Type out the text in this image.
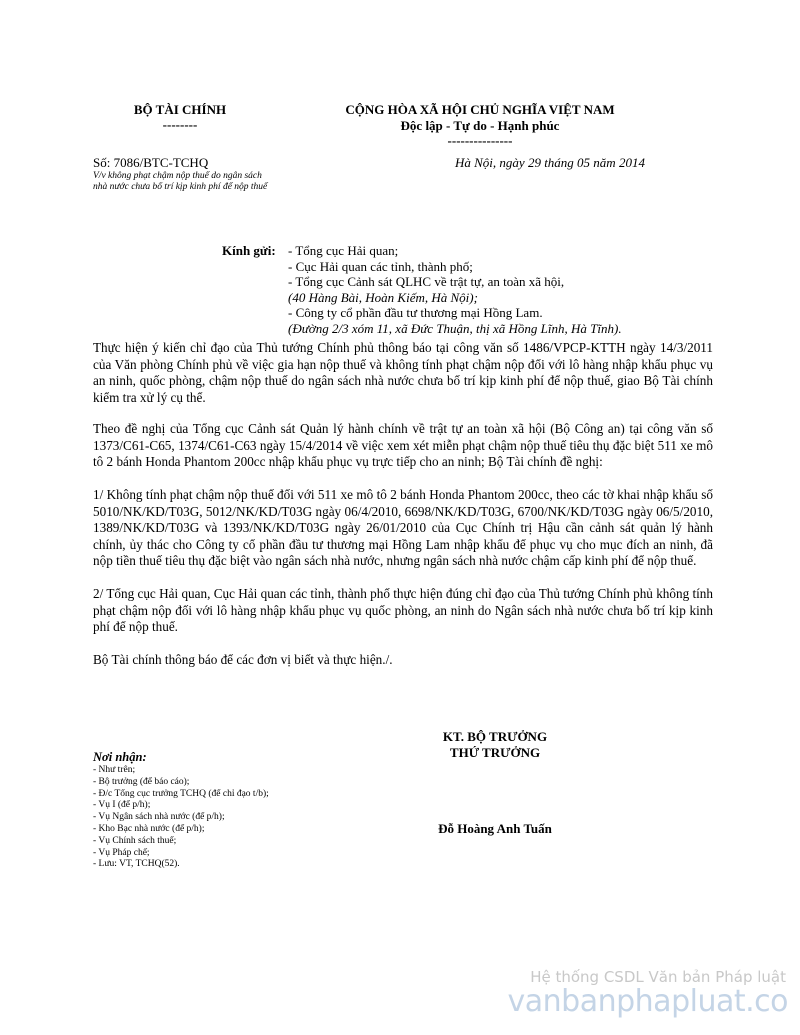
BỘ TÀI CHÍNH
--------
CỘNG HÒA XÃ HỘI CHỦ NGHĨA VIỆT NAM
Độc lập - Tự do - Hạnh phúc
---------------
Số: 7086/BTC-TCHQ
V/v không phạt chậm nộp thuế do ngân sách
nhà nước chưa bố trí kịp kinh phí để nộp thuế
Hà Nội, ngày 29 tháng 05 năm 2014
Kính gửi: - Tổng cục Hải quan;
- Cục Hải quan các tỉnh, thành phố;
- Tổng cục Cảnh sát QLHC về trật tự, an toàn xã hội,
(40 Hàng Bài, Hoàn Kiếm, Hà Nội);
- Công ty cổ phần đầu tư thương mại Hồng Lam.
(Đường 2/3 xóm 11, xã Đức Thuận, thị xã Hồng Lĩnh, Hà Tĩnh).
Thực hiện ý kiến chỉ đạo của Thủ tướng Chính phủ thông báo tại công văn số 1486/VPCP-KTTH ngày 14/3/2011 của Văn phòng Chính phủ về việc gia hạn nộp thuế và không tính phạt chậm nộp đối với lô hàng nhập khẩu phục vụ an ninh, quốc phòng, chậm nộp thuế do ngân sách nhà nước chưa bố trí kịp kinh phí để nộp thuế, giao Bộ Tài chính kiểm tra xử lý cụ thể.
Theo đề nghị của Tổng cục Cảnh sát Quản lý hành chính về trật tự an toàn xã hội (Bộ Công an) tại công văn số 1373/C61-C65, 1374/C61-C63 ngày 15/4/2014 về việc xem xét miễn phạt chậm nộp thuế tiêu thụ đặc biệt 511 xe mô tô 2 bánh Honda Phantom 200cc nhập khẩu phục vụ trực tiếp cho an ninh; Bộ Tài chính đề nghị:
1/ Không tính phạt chậm nộp thuế đối với 511 xe mô tô 2 bánh Honda Phantom 200cc, theo các tờ khai nhập khẩu số 5010/NK/KD/T03G, 5012/NK/KD/T03G ngày 06/4/2010, 6698/NK/KD/T03G, 6700/NK/KD/T03G ngày 06/5/2010, 1389/NK/KD/T03G và 1393/NK/KD/T03G ngày 26/01/2010 của Cục Chính trị Hậu cần cảnh sát quản lý hành chính, ủy thác cho Công ty cổ phần đầu tư thương mại Hồng Lam nhập khẩu để phục vụ cho mục đích an ninh, đã nộp tiền thuế tiêu thụ đặc biệt vào ngân sách nhà nước, nhưng ngân sách nhà nước chậm cấp kinh phí để nộp thuế.
2/ Tổng cục Hải quan, Cục Hải quan các tỉnh, thành phố thực hiện đúng chỉ đạo của Thủ tướng Chính phủ không tính phạt chậm nộp đối với lô hàng nhập khẩu phục vụ quốc phòng, an ninh do Ngân sách nhà nước chưa bố trí kịp kinh phí để nộp thuế.
Bộ Tài chính thông báo để các đơn vị biết và thực hiện./.
KT. BỘ TRƯỞNG
THỨ TRƯỞNG
Đỗ Hoàng Anh Tuấn
Nơi nhận:
- Như trên;
- Bộ trưởng (để báo cáo);
- Đ/c Tổng cục trưởng TCHQ (để chỉ đạo t/b);
- Vụ I (để p/h);
- Vụ Ngân sách nhà nước (để p/h);
- Kho Bạc nhà nước (để p/h);
- Vụ Chính sách thuế;
- Vụ Pháp chế;
- Lưu: VT, TCHQ(52).
Hệ thống CSDL Văn bản Pháp luật
vanbanphapluat.co
